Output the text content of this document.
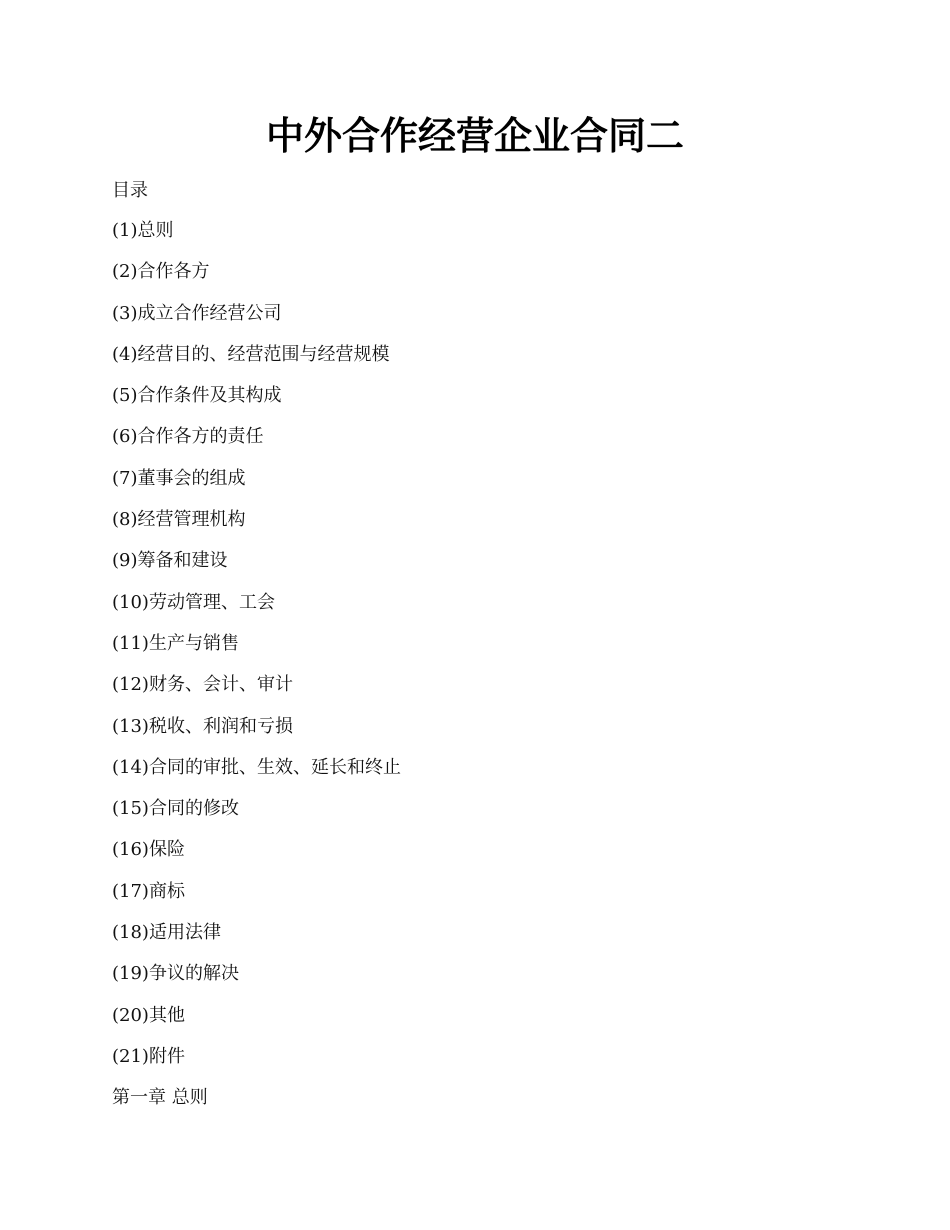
中外合作经营企业合同二

目录

(1)总则
(2)合作各方
(3)成立合作经营公司
(4)经营目的、经营范围与经营规模
(5)合作条件及其构成
(6)合作各方的责任
(7)董事会的组成
(8)经营管理机构
(9)筹备和建设
(10)劳动管理、工会
(11)生产与销售
(12)财务、会计、审计
(13)税收、利润和亏损
(14)合同的审批、生效、延长和终止
(15)合同的修改
(16)保险
(17)商标
(18)适用法律
(19)争议的解决
(20)其他
(21)附件

第一章 总则
